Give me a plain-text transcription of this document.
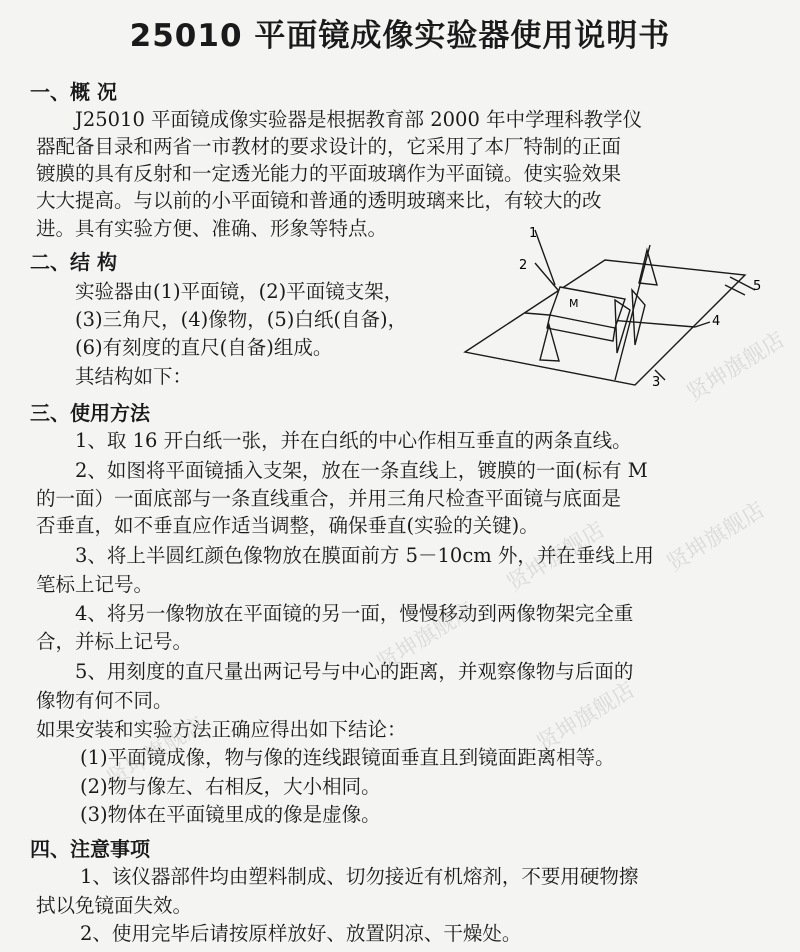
25010 平面镜成像实验器使用说明书
一、概 况
J25010 平面镜成像实验器是根据教育部 2000 年中学理科教学仪
器配备目录和两省一市教材的要求设计的，它采用了本厂特制的正面
镀膜的具有反射和一定透光能力的平面玻璃作为平面镜。使实验效果
大大提高。与以前的小平面镜和普通的透明玻璃来比，有较大的改
进。具有实验方便、准确、形象等特点。
二、结 构
实验器由(1)平面镜，(2)平面镜支架，
(3)三角尺，(4)像物，(5)白纸(自备)，
(6)有刻度的直尺(自备)组成。
其结构如下：
1
2
M
3
4
5
三、使用方法
1、取 16 开白纸一张，并在白纸的中心作相互垂直的两条直线。
2、如图将平面镜插入支架，放在一条直线上，镀膜的一面(标有 M
的一面）一面底部与一条直线重合，并用三角尺检查平面镜与底面是
否垂直，如不垂直应作适当调整，确保垂直(实验的关键)。
3、将上半圆红颜色像物放在膜面前方 5－10cm 外，并在垂线上用
笔标上记号。
4、将另一像物放在平面镜的另一面，慢慢移动到两像物架完全重
合，并标上记号。
5、用刻度的直尺量出两记号与中心的距离，并观察像物与后面的
像物有何不同。
如果安装和实验方法正确应得出如下结论：
(1)平面镜成像，物与像的连线跟镜面垂直且到镜面距离相等。
(2)物与像左、右相反，大小相同。
(3)物体在平面镜里成的像是虚像。
四、注意事项
1、该仪器部件均由塑料制成、切勿接近有机熔剂，不要用硬物擦
拭以免镜面失效。
2、使用完毕后请按原样放好、放置阴凉、干燥处。
贤坤旗舰店
贤坤旗舰店 贤坤旗舰店
贤坤旗舰店
贤坤旗舰店
贤坤旗舰店
